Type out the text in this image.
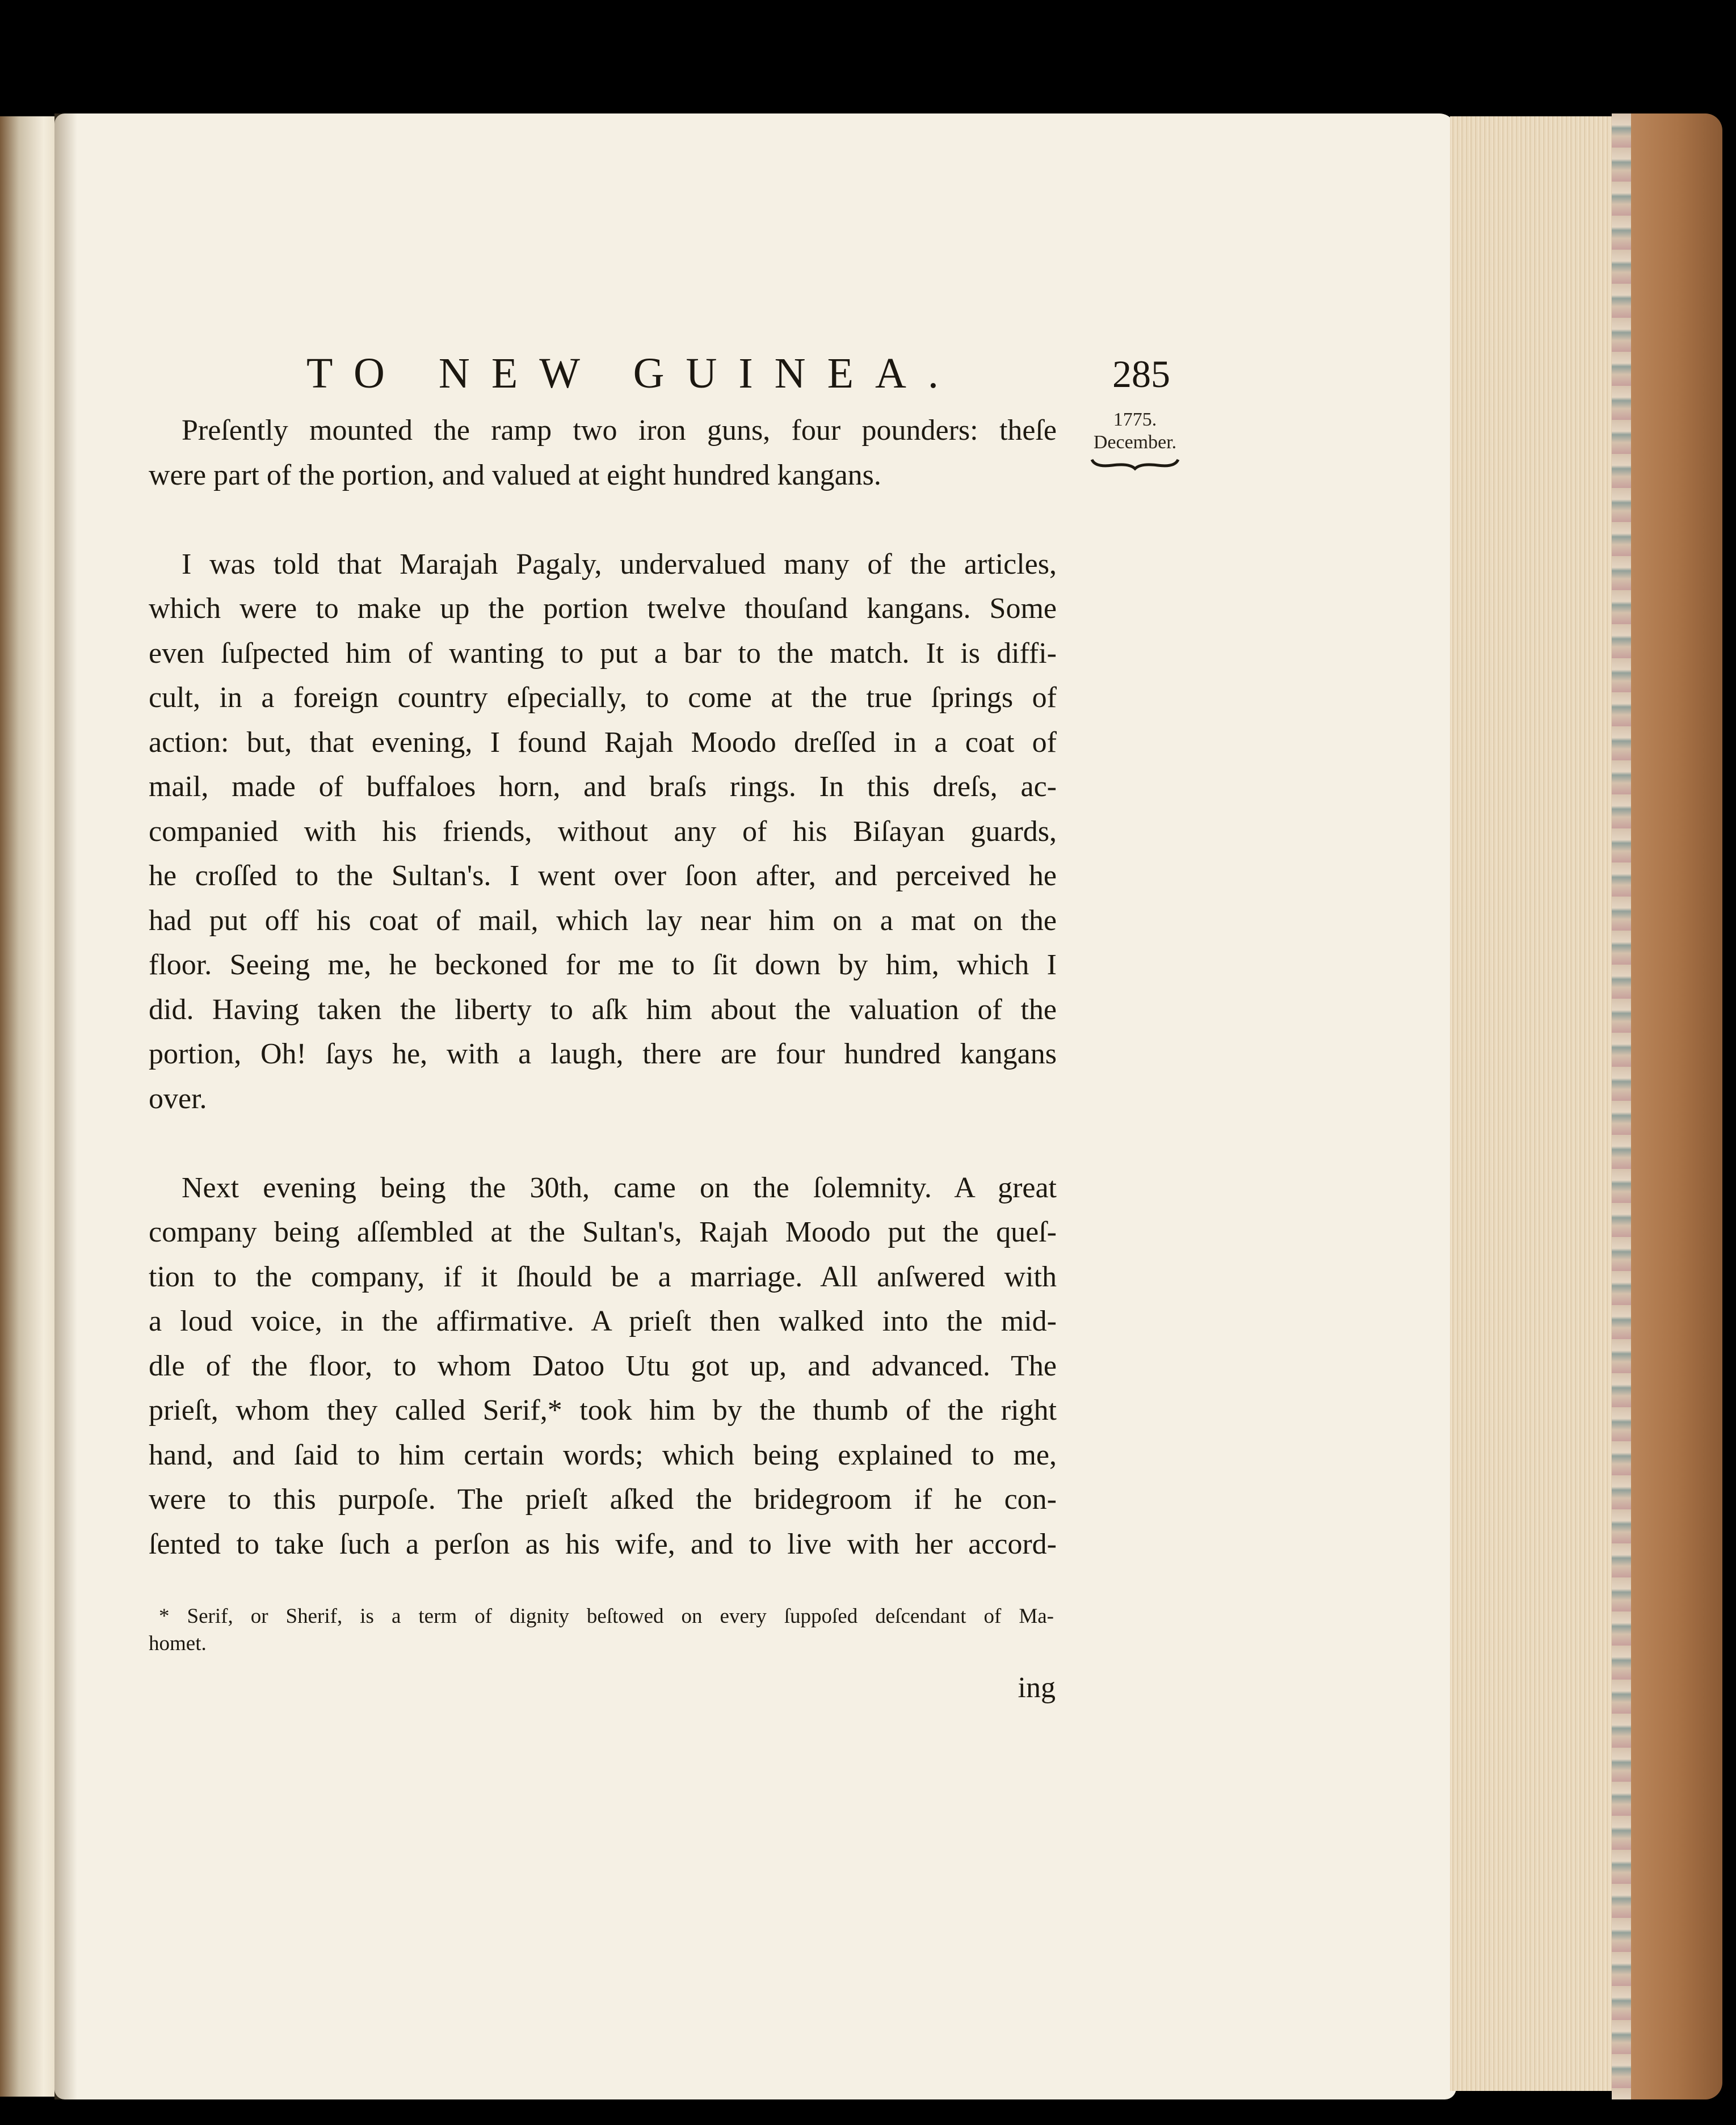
TO NEW GUINEA.	285
1775.
December.
Preſently mounted the ramp two iron guns, four pounders: theſe
were part of the portion, and valued at eight hundred kangans.
I was told that Marajah Pagaly, undervalued many of the articles,
which were to make up the portion twelve thouſand kangans. Some
even ſuſpected him of wanting to put a bar to the match. It is diffi-
cult, in a foreign country eſpecially, to come at the true ſprings of
action: but, that evening, I found Rajah Moodo dreſſed in a coat of
mail, made of buffaloes horn, and braſs rings. In this dreſs, ac-
companied with his friends, without any of his Biſayan guards,
he croſſed to the Sultan's. I went over ſoon after, and perceived he
had put off his coat of mail, which lay near him on a mat on the
floor. Seeing me, he beckoned for me to ſit down by him, which I
did. Having taken the liberty to aſk him about the valuation of the
portion, Oh! ſays he, with a laugh, there are four hundred kangans
over.
Next evening being the 30th, came on the ſolemnity. A great
company being aſſembled at the Sultan's, Rajah Moodo put the queſ-
tion to the company, if it ſhould be a marriage. All anſwered with
a loud voice, in the affirmative. A prieſt then walked into the mid-
dle of the floor, to whom Datoo Utu got up, and advanced. The
prieſt, whom they called Serif,* took him by the thumb of the right
hand, and ſaid to him certain words; which being explained to me,
were to this purpoſe. The prieſt aſked the bridegroom if he con-
ſented to take ſuch a perſon as his wife, and to live with her accord-
* Serif, or Sherif, is a term of dignity beſtowed on every ſuppoſed deſcendant of Ma-
homet.
ing
